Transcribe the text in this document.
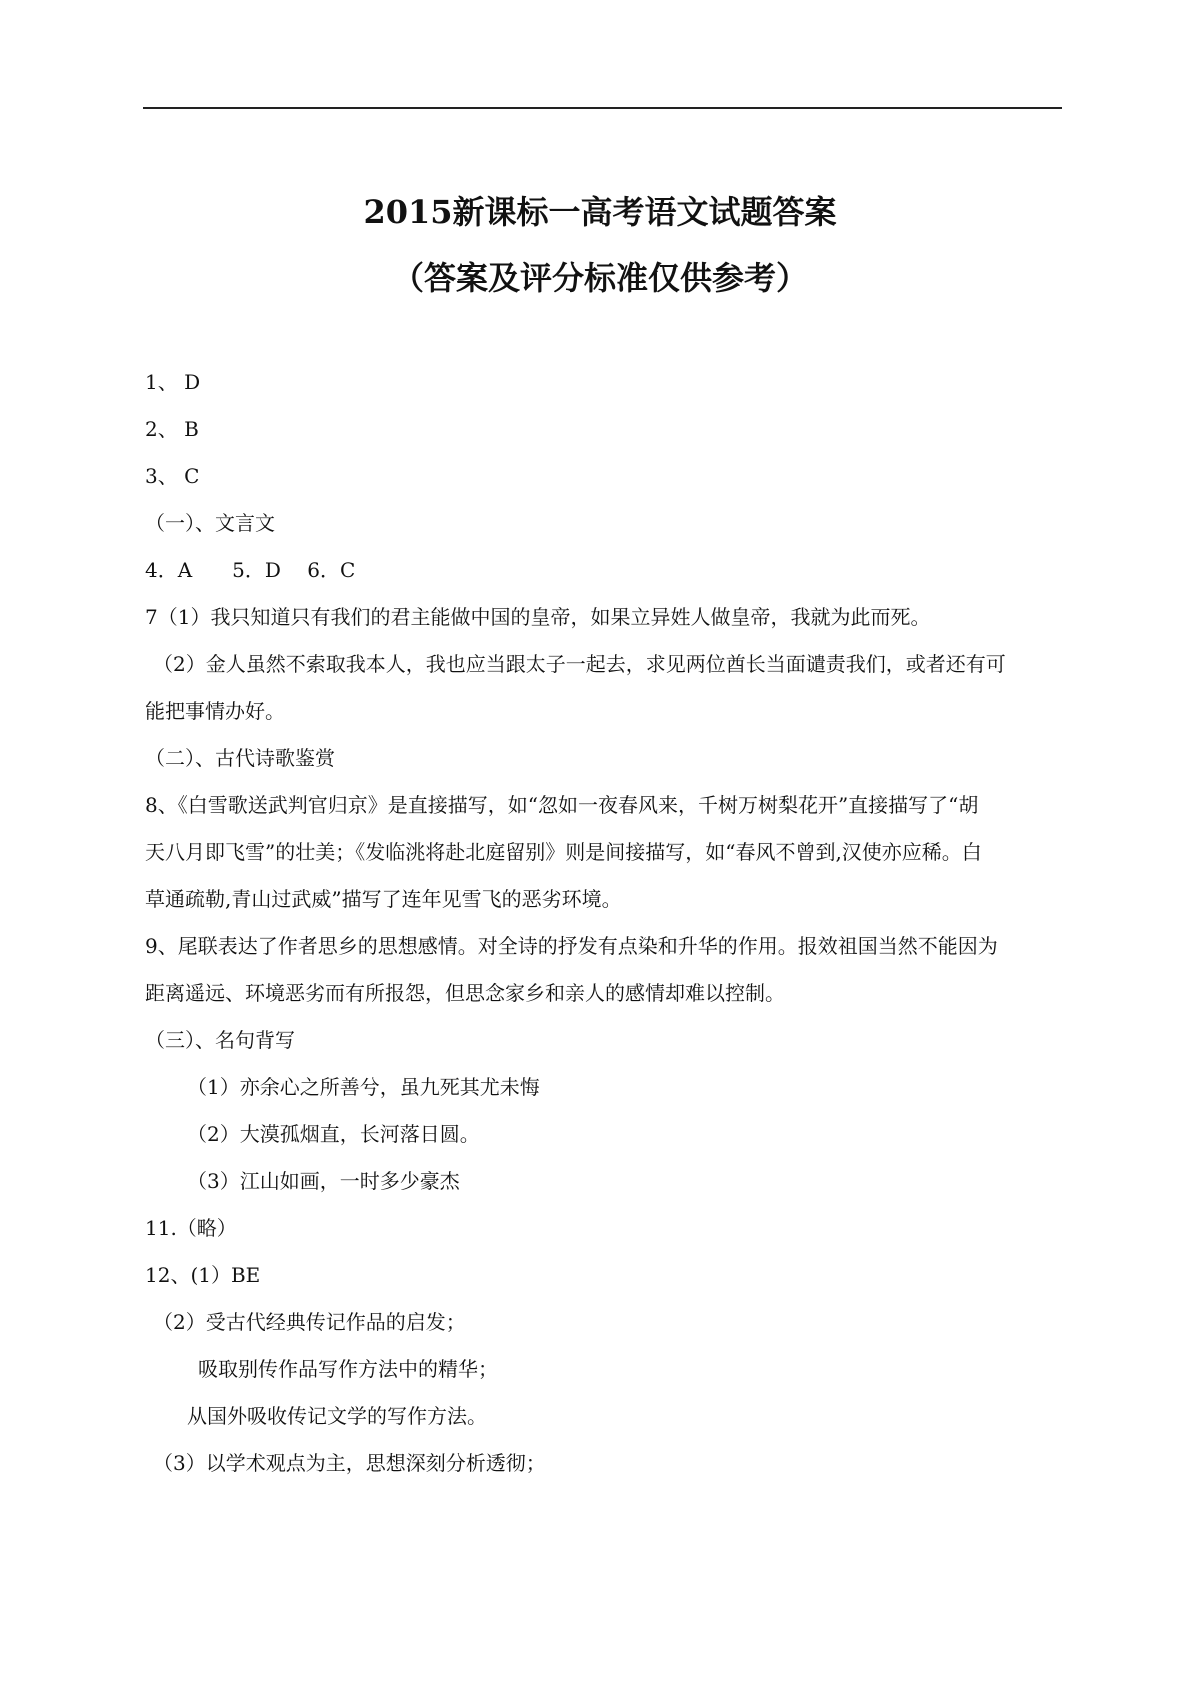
2015新课标一高考语文试题答案
（答案及评分标准仅供参考）
1、 D
2、 B
3、 C
（一）、文言文
4．A　　5．D　 6．C
7（1）我只知道只有我们的君主能做中国的皇帝，如果立异姓人做皇帝，我就为此而死。
（2）金人虽然不索取我本人，我也应当跟太子一起去，求见两位酋长当面谴责我们，或者还有可
能把事情办好。
（二）、古代诗歌鉴赏
8、《白雪歌送武判官归京》是直接描写，如“忽如一夜春风来，千树万树梨花开”直接描写了“胡
天八月即飞雪”的壮美；《发临洮将赴北庭留别》则是间接描写，如“春风不曾到,汉使亦应稀。白
草通疏勒,青山过武威”描写了连年见雪飞的恶劣环境。
9、尾联表达了作者思乡的思想感情。对全诗的抒发有点染和升华的作用。报效祖国当然不能因为
距离遥远、环境恶劣而有所报怨，但思念家乡和亲人的感情却难以控制。
（三）、名句背写
（1）亦余心之所善兮，虽九死其尤未悔
（2）大漠孤烟直，长河落日圆。
（3）江山如画，一时多少豪杰
11.（略）
12、(1）BE
（2）受古代经典传记作品的启发；
吸取别传作品写作方法中的精华；
从国外吸收传记文学的写作方法。
（3）以学术观点为主，思想深刻分析透彻；
